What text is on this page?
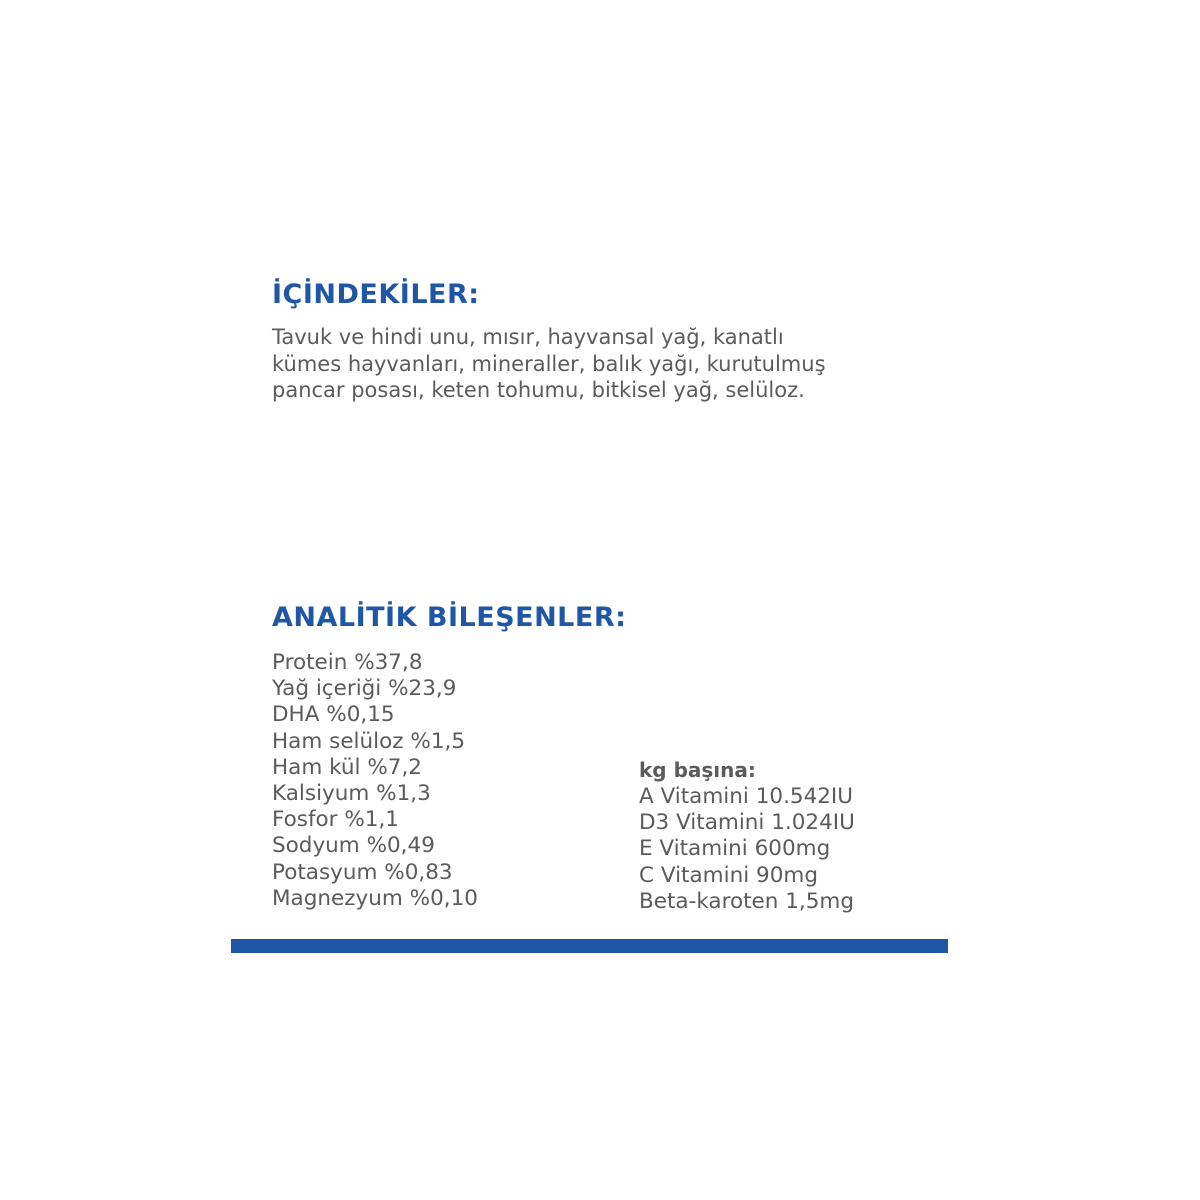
İÇİNDEKİLER:

Tavuk ve hindi unu, mısır, hayvansal yağ, kanatlı
kümes hayvanları, mineraller, balık yağı, kurutulmuş
pancar posası, keten tohumu, bitkisel yağ, selüloz.

ANALİTİK BİLEŞENLER:
Protein %37,8
Yağ içeriği %23,9
DHA %0,15
Ham selüloz %1,5
Ham kül %7,2
Kalsiyum %1,3
Fosfor %1,1
Sodyum %0,49
Potasyum %0,83
Magnezyum %0,10
kg başına:
A Vitamini 10.542IU
D3 Vitamini 1.024IU
E Vitamini 600mg
C Vitamini 90mg
Beta-karoten 1,5mg
